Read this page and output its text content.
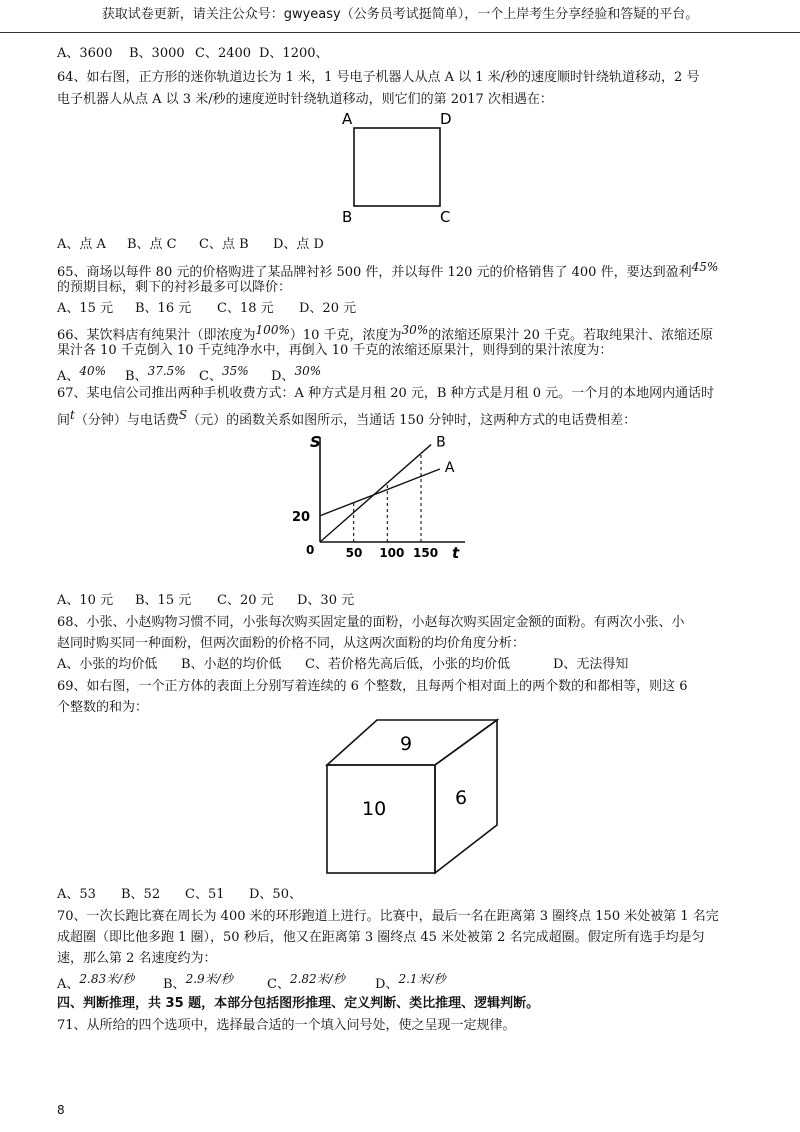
获取试卷更新，请关注公众号：gwyeasy（公务员考试挺简单），一个上岸考生分享经验和答疑的平台。
A、3600 B、3000 C、2400 D、1200、
64、如右图，正方形的迷你轨道边长为 1 米，1 号电子机器人从点 A 以 1 米/秒的速度顺时针绕轨道移动，2 号
电子机器人从点 A 以 3 米/秒的速度逆时针绕轨道移动，则它们的第 2017 次相遇在：
A	D
B	C
A、点 A B、点 C C、点 B D、点 D
65、商场以每件 80 元的价格购进了某品牌衬衫 500 件，并以每件 120 元的价格销售了 400 件，要达到盈利45%
的预期目标，剩下的衬衫最多可以降价：
A、15 元 B、16 元 C、18 元 D、20 元
66、某饮料店有纯果汁（即浓度为100%）10 千克，浓度为30%的浓缩还原果汁 20 千克。若取纯果汁、浓缩还原
果汁各 10 千克倒入 10 千克纯净水中，再倒入 10 千克的浓缩还原果汁，则得到的果汁浓度为：
A、40% B、37.5% C、35% D、30%
67、某电信公司推出两种手机收费方式：A 种方式是月租 20 元，B 种方式是月租 0 元。一个月的本地网内通话时
间t（分钟）与电话费S（元）的函数关系如图所示，当通话 150 分钟时，这两种方式的电话费相差：
S
t
0
20
50 100 150
A
B
A、10 元 B、15 元 C、20 元 D、30 元
68、小张、小赵购物习惯不同，小张每次购买固定量的面粉，小赵每次购买固定金额的面粉。有两次小张、小
赵同时购买同一种面粉，但两次面粉的价格不同，从这两次面粉的均价角度分析：
A、小张的均价低 B、小赵的均价低 C、若价格先高后低，小张的均价低	D、无法得知
69、如右图，一个正方体的表面上分别写着连续的 6 个整数，且每两个相对面上的两个数的和都相等，则这 6
个整数的和为：
9
10	6
A、53 B、52 C、51 D、50、
70、一次长跑比赛在周长为 400 米的环形跑道上进行。比赛中，最后一名在距离第 3 圈终点 150 米处被第 1 名完
成超圈（即比他多跑 1 圈），50 秒后，他又在距离第 3 圈终点 45 米处被第 2 名完成超圈。假定所有选手均是匀
速，那么第 2 名速度约为：
A、2.83米/秒 B、2.9米/秒	C、2.82米/秒 D、2.1米/秒
四、判断推理，共 35 题，本部分包括图形推理、定义判断、类比推理、逻辑判断。
71、从所给的四个选项中，选择最合适的一个填入问号处，使之呈现一定规律。
8
